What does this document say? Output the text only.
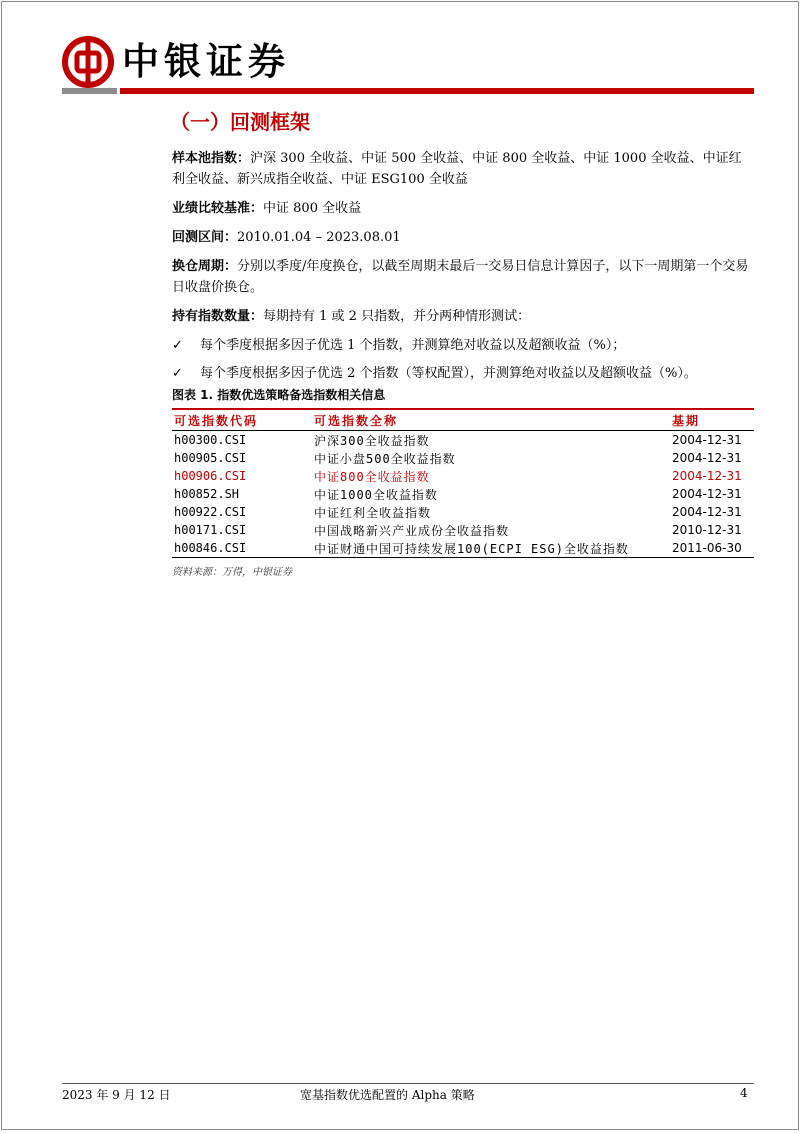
中银证券
（一）回测框架

样本池指数：沪深 300 全收益、中证 500 全收益、中证 800 全收益、中证 1000 全收益、中证红利全收益、新兴成指全收益、中证 ESG100 全收益

业绩比较基准：中证 800 全收益

回测区间：2010.01.04 – 2023.08.01

换仓周期：分别以季度/年度换仓，以截至周期末最后一交易日信息计算因子，以下一周期第一个交易日收盘价换仓。

持有指数数量：每期持有 1 或 2 只指数，并分两种情形测试：

✓ 每个季度根据多因子优选 1 个指数，并测算绝对收益以及超额收益（%）；

✓ 每个季度根据多因子优选 2 个指数（等权配置），并测算绝对收益以及超额收益（%）。

图表 1. 指数优选策略备选指数相关信息
可选指数代码	可选指数全称	基期
h00300.CSI	沪深300全收益指数	2004-12-31
h00905.CSI	中证小盘500全收益指数	2004-12-31
h00906.CSI	中证800全收益指数	2004-12-31
h00852.SH	中证1000全收益指数	2004-12-31
h00922.CSI	中证红利全收益指数	2004-12-31
h00171.CSI	中国战略新兴产业成份全收益指数	2010-12-31
h00846.CSI	中证财通中国可持续发展100(ECPI ESG)全收益指数	2011-06-30
资料来源：万得，中银证券
2023 年 9 月 12 日	宽基指数优选配置的 Alpha 策略	4
